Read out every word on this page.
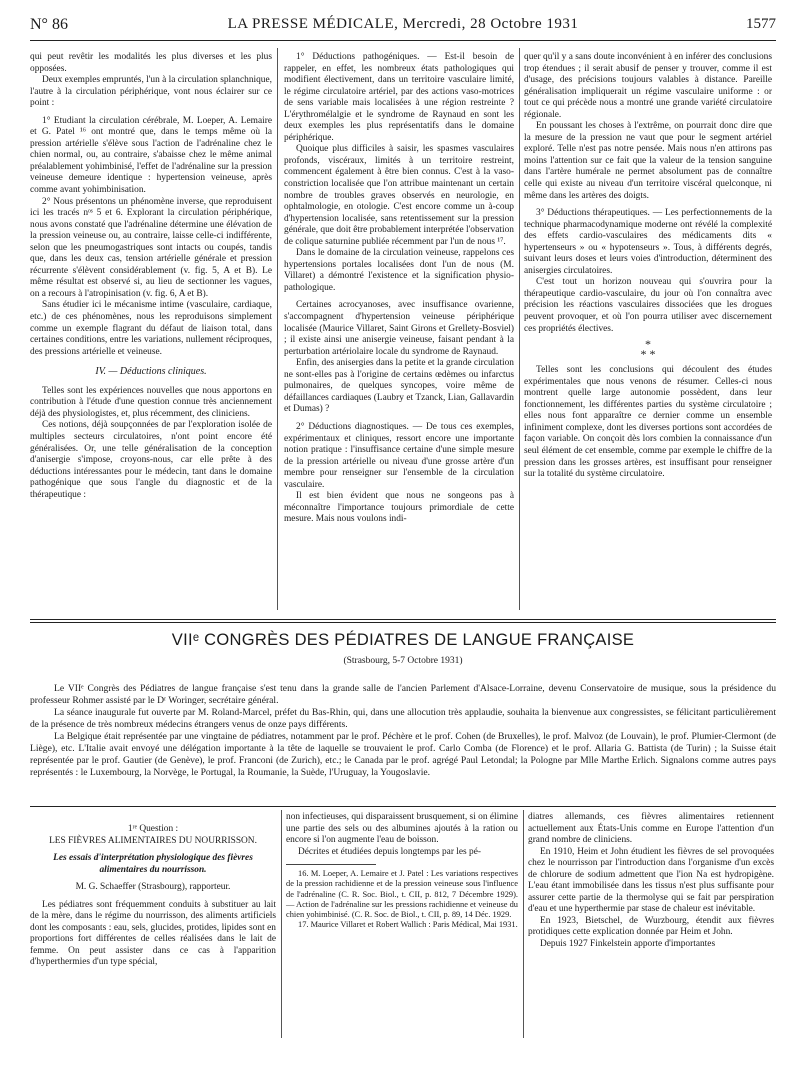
N° 86	LA PRESSE MÉDICALE, Mercredi, 28 Octobre 1931	1577

qui peut revêtir les modalités les plus diverses et les plus opposées.

Deux exemples empruntés, l'un à la circulation splanchnique, l'autre à la circulation périphérique, vont nous éclairer sur ce point :

1° Etudiant la circulation cérébrale, M. Loeper, A. Lemaire et G. Patel ¹⁶ ont montré que, dans le temps même où la pression artérielle s'élève sous l'action de l'adrénaline chez le chien normal, ou, au contraire, s'abaisse chez le même animal préalablement yohimbinisé, l'effet de l'adrénaline sur la pression veineuse demeure identique : hypertension veineuse, après comme avant yohimbinisation.

2° Nous présentons un phénomène inverse, que reproduisent ici les tracés nᵒˢ 5 et 6. Explorant la circulation périphérique, nous avons constaté que l'adrénaline détermine une élévation de la pression veineuse ou, au contraire, laisse celle-ci indifférente, selon que les pneumogastriques sont intacts ou coupés, tandis que, dans les deux cas, tension artérielle générale et pression récurrente s'élèvent considérablement (v. fig. 5, A et B). Le même résultat est observé si, au lieu de sectionner les vagues, on a recours à l'atropinisation (v. fig. 6, A et B).

Sans étudier ici le mécanisme intime (vasculaire, cardiaque, etc.) de ces phénomènes, nous les reproduisons simplement comme un exemple flagrant du défaut de liaison total, dans certaines conditions, entre les variations, nullement réciproques, des pressions artérielle et veineuse.

IV. — Déductions cliniques.

Telles sont les expériences nouvelles que nous apportons en contribution à l'étude d'une question connue très anciennement déjà des physiologistes, et, plus récemment, des cliniciens.

Ces notions, déjà soupçonnées de par l'exploration isolée de multiples secteurs circulatoires, n'ont point encore été généralisées. Or, une telle généralisation de la conception d'anisergie s'impose, croyons-nous, car elle prête à des déductions intéressantes pour le médecin, tant dans le domaine pathogénique que sous l'angle du diagnostic et de la thérapeutique :

1° Déductions pathogéniques. — Est-il besoin de rappeler, en effet, les nombreux états pathologiques qui modifient électivement, dans un territoire vasculaire limité, le régime circulatoire artériel, par des actions vaso-motrices de sens variable mais localisées à une région restreinte ? L'érythromélalgie et le syndrome de Raynaud en sont les deux exemples les plus représentatifs dans le domaine périphérique.

Quoique plus difficiles à saisir, les spasmes vasculaires profonds, viscéraux, limités à un territoire restreint, commencent également à être bien connus. C'est à la vaso-constriction localisée que l'on attribue maintenant un certain nombre de troubles graves observés en neurologie, en ophtalmologie, en otologie. C'est encore comme un à-coup d'hypertension localisée, sans retentissement sur la pression générale, que doit être probablement interprétée l'observation de colique saturnine publiée récemment par l'un de nous ¹⁷.

Dans le domaine de la circulation veineuse, rappelons ces hypertensions portales localisées dont l'un de nous (M. Villaret) a démontré l'existence et la signification physio-pathologique.

Certaines acrocyanoses, avec insuffisance ovarienne, s'accompagnent d'hypertension veineuse périphérique localisée (Maurice Villaret, Saint Girons et Grellety-Bosviel) ; il existe ainsi une anisergie veineuse, faisant pendant à la perturbation artériolaire locale du syndrome de Raynaud.

Enfin, des anisergies dans la petite et la grande circulation ne sont-elles pas à l'origine de certains œdèmes ou infarctus pulmonaires, de quelques syncopes, voire même de défaillances cardiaques (Laubry et Tzanck, Lian, Gallavardin et Dumas) ?

2° Déductions diagnostiques. — De tous ces exemples, expérimentaux et cliniques, ressort encore une importante notion pratique : l'insuffisance certaine d'une simple mesure de la pression artérielle ou niveau d'une grosse artère d'un membre pour renseigner sur l'ensemble de la circulation vasculaire.

Il est bien évident que nous ne songeons pas à méconnaître l'importance toujours primordiale de cette mesure. Mais nous voulons indi-

quer qu'il y a sans doute inconvénient à en inférer des conclusions trop étendues ; il serait abusif de penser y trouver, comme il est d'usage, des précisions toujours valables à distance. Pareille généralisation impliquerait un régime vasculaire uniforme : or tout ce qui précède nous a montré une grande variété circulatoire régionale.

En poussant les choses à l'extrême, on pourrait donc dire que la mesure de la pression ne vaut que pour le segment artériel exploré. Telle n'est pas notre pensée. Mais nous n'en attirons pas moins l'attention sur ce fait que la valeur de la tension sanguine dans l'artère humérale ne permet absolument pas de connaître celle qui existe au niveau d'un territoire viscéral quelconque, ni même dans les artères des doigts.

3° Déductions thérapeutiques. — Les perfectionnements de la technique pharmacodynamique moderne ont révélé la complexité des effets cardio-vasculaires des médicaments dits « hypertenseurs » ou « hypotenseurs ». Tous, à différents degrés, suivant leurs doses et leurs voies d'introduction, déterminent des anisergies circulatoires.

C'est tout un horizon nouveau qui s'ouvrira pour la thérapeutique cardio-vasculaire, du jour où l'on connaîtra avec précision les réactions vasculaires dissociées que les drogues peuvent provoquer, et où l'on pourra utiliser avec discernement ces propriétés électives.

*
* *

Telles sont les conclusions qui découlent des études expérimentales que nous venons de résumer. Celles-ci nous montrent quelle large autonomie possèdent, dans leur fonctionnement, les différentes parties du système circulatoire ; elles nous font apparaître ce dernier comme un ensemble infiniment complexe, dont les diverses portions sont accordées de façon variable. On conçoit dès lors combien la connaissance d'un seul élément de cet ensemble, comme par exemple le chiffre de la pression dans les grosses artères, est insuffisant pour renseigner sur la totalité du système circulatoire.

VIIᵉ CONGRÈS DES PÉDIATRES DE LANGUE FRANÇAISE
(Strasbourg, 5-7 Octobre 1931)

Le VIIᵉ Congrès des Pédiatres de langue française s'est tenu dans la grande salle de l'ancien Parlement d'Alsace-Lorraine, devenu Conservatoire de musique, sous la présidence du professeur Rohmer assisté par le Dʳ Woringer, secrétaire général.

La séance inaugurale fut ouverte par M. Roland-Marcel, préfet du Bas-Rhin, qui, dans une allocution très applaudie, souhaita la bienvenue aux congressistes, se félicitant particulièrement de la présence de très nombreux médecins étrangers venus de onze pays différents.

La Belgique était représentée par une vingtaine de pédiatres, notamment par le prof. Péchère et le prof. Cohen (de Bruxelles), le prof. Malvoz (de Louvain), le prof. Plumier-Clermont (de Liège), etc. L'Italie avait envoyé une délégation importante à la tête de laquelle se trouvaient le prof. Carlo Comba (de Florence) et le prof. Allaria G. Battista (de Turin) ; la Suisse était représentée par le prof. Gautier (de Genève), le prof. Franconi (de Zurich), etc.; le Canada par le prof. agrégé Paul Letondal; la Pologne par Mlle Marthe Erlich. Signalons comme autres pays représentés : le Luxembourg, la Norvège, le Portugal, la Roumanie, la Suède, l'Uruguay, la Yougoslavie.

1ʳᵉ Question :

LES FIÈVRES ALIMENTAIRES DU NOURRISSON.

Les essais d'interprétation physiologique des fièvres alimentaires du nourrisson.

M. G. Schaeffer (Strasbourg), rapporteur.

Les pédiatres sont fréquemment conduits à substituer au lait de la mère, dans le régime du nourrisson, des aliments artificiels dont les composants : eau, sels, glucides, protides, lipides sont en proportions fort différentes de celles réalisées dans le lait de femme. On peut assister dans ce cas à l'apparition d'hyperthermies d'un type spécial,

non infectieuses, qui disparaissent brusquement, si on élimine une partie des sels ou des albumines ajoutés à la ration ou encore si l'on augmente l'eau de boisson.

Décrites et étudiées depuis longtemps par les pé-

16. M. Loeper, A. Lemaire et J. Patel : Les variations respectives de la pression rachidienne et de la pression veineuse sous l'influence de l'adrénaline (C. R. Soc. Biol., t. CII, p. 812, 7 Décembre 1929). — Action de l'adrénaline sur les pressions rachidienne et veineuse du chien yohimbinisé. (C. R. Soc. de Biol., t. CII, p. 89, 14 Déc. 1929.

17. Maurice Villaret et Robert Wallich : Paris Médical, Mai 1931.

diatres allemands, ces fièvres alimentaires retiennent actuellement aux États-Unis comme en Europe l'attention d'un grand nombre de cliniciens.

En 1910, Heim et John étudient les fièvres de sel provoquées chez le nourrisson par l'introduction dans l'organisme d'un excès de chlorure de sodium admettent que l'ion Na est hydropigène. L'eau étant immobilisée dans les tissus n'est plus suffisante pour assurer cette partie de la thermolyse qui se fait par perspiration d'eau et une hyperthermie par stase de chaleur est inévitable.

En 1923, Bietschel, de Wurzbourg, étendit aux fièvres protidiques cette explication donnée par Heim et John.

Depuis 1927 Finkelstein apporte d'importantes
